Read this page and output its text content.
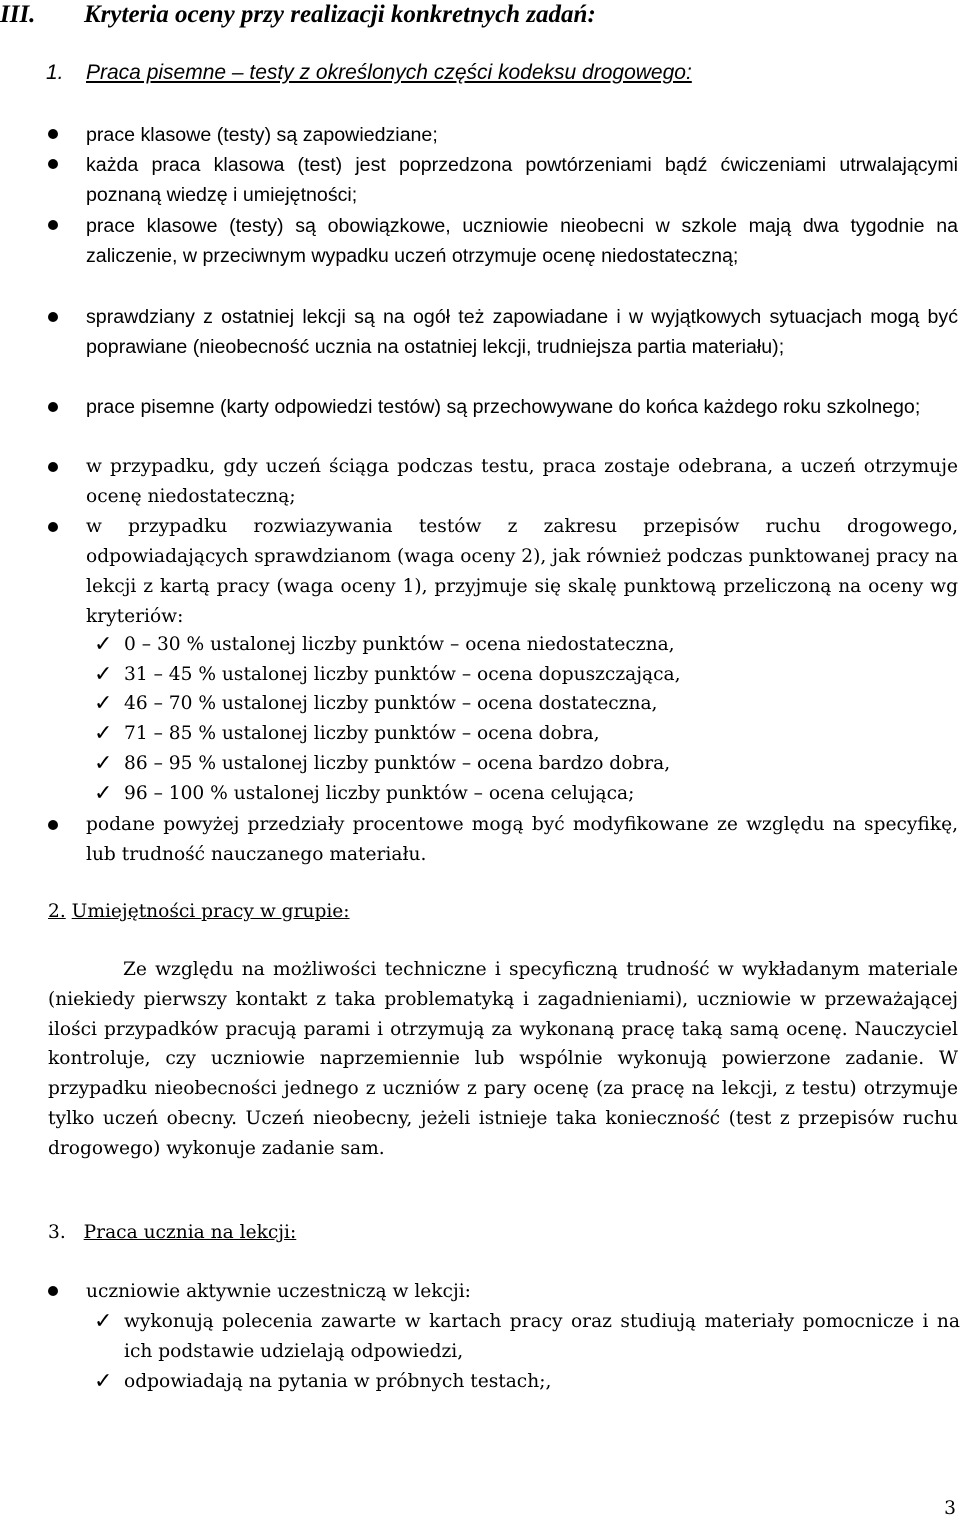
III. Kryteria oceny przy realizacji konkretnych zadań:
1. Praca pisemne – testy z określonych części kodeksu drogowego:
prace klasowe (testy) są zapowiedziane;
każda praca klasowa (test) jest poprzedzona powtórzeniami bądź ćwiczeniami utrwalającymi poznaną wiedzę i umiejętności;
prace klasowe (testy) są obowiązkowe, uczniowie nieobecni w szkole mają dwa tygodnie na zaliczenie, w przeciwnym wypadku uczeń otrzymuje ocenę niedostateczną;
sprawdziany z ostatniej lekcji są na ogół też zapowiadane i w wyjątkowych sytuacjach mogą być poprawiane (nieobecność ucznia na ostatniej lekcji, trudniejsza partia materiału);
prace pisemne (karty odpowiedzi testów) są przechowywane do końca każdego roku szkolnego;
w przypadku, gdy uczeń ściąga podczas testu, praca zostaje odebrana, a uczeń otrzymuje ocenę niedostateczną;
w przypadku rozwiazywania testów z zakresu przepisów ruchu drogowego, odpowiadających sprawdzianom (waga oceny 2), jak również podczas punktowanej pracy na lekcji z kartą pracy (waga oceny 1), przyjmuje się skalę punktową przeliczoną na oceny wg kryteriów:
✓ 0 – 30 % ustalonej liczby punktów – ocena niedostateczna,
✓ 31 – 45 % ustalonej liczby punktów – ocena dopuszczająca,
✓ 46 – 70 % ustalonej liczby punktów – ocena dostateczna,
✓ 71 – 85 % ustalonej liczby punktów – ocena dobra,
✓ 86 – 95 % ustalonej liczby punktów – ocena bardzo dobra,
✓ 96 – 100 % ustalonej liczby punktów – ocena celująca;
podane powyżej przedziały procentowe mogą być modyfikowane ze względu na specyfikę, lub trudność nauczanego materiału.
2. Umiejętności pracy w grupie:
Ze względu na możliwości techniczne i specyficzną trudność w wykładanym materiale (niekiedy pierwszy kontakt z taka problematyką i zagadnieniami), uczniowie w przeważającej ilości przypadków pracują parami i otrzymują za wykonaną pracę taką samą ocenę. Nauczyciel kontroluje, czy uczniowie naprzemiennie lub wspólnie wykonują powierzone zadanie. W przypadku nieobecności jednego z uczniów z pary ocenę (za pracę na lekcji, z testu) otrzymuje tylko uczeń obecny. Uczeń nieobecny, jeżeli istnieje taka konieczność (test z przepisów ruchu drogowego) wykonuje zadanie sam.
3. Praca ucznia na lekcji:
uczniowie aktywnie uczestniczą w lekcji:
✓ wykonują polecenia zawarte w kartach pracy oraz studiują materiały pomocnicze i na ich podstawie udzielają odpowiedzi,
✓ odpowiadają na pytania w próbnych testach;,
3
